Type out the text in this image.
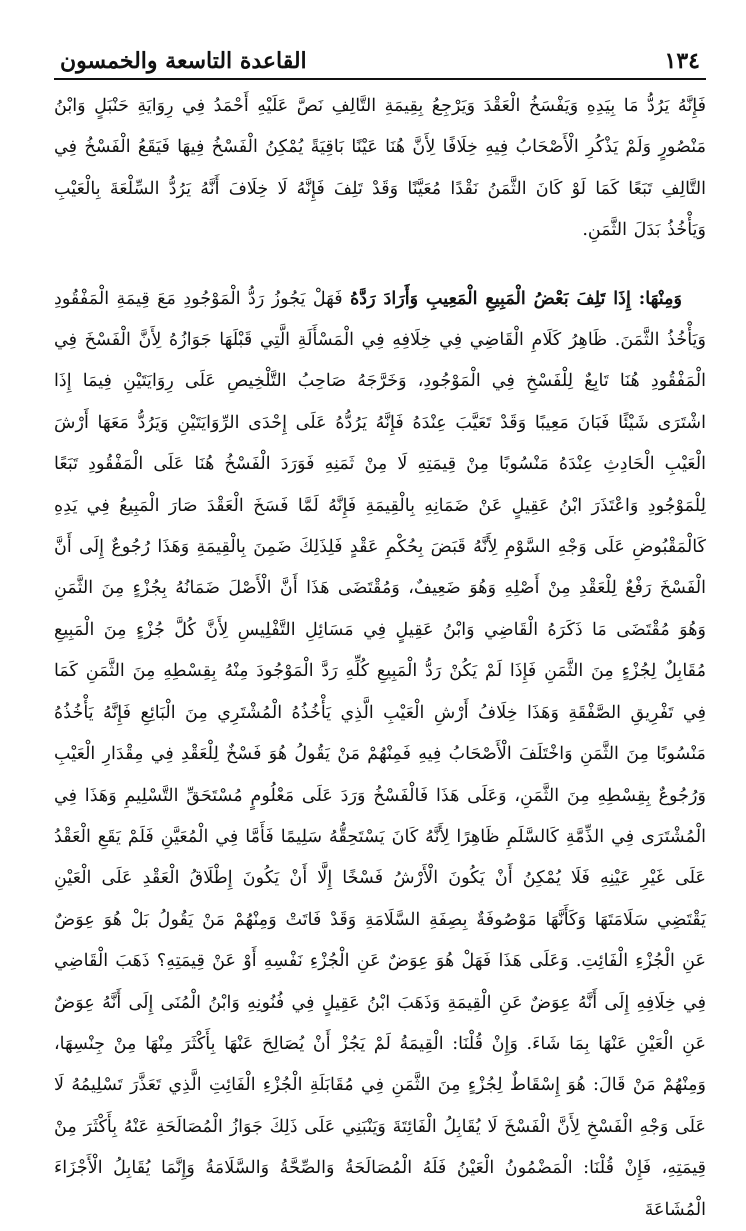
١٣٤
القاعدة التاسعة والخمسون

فَإِنَّهُ يَرُدُّ مَا بِيَدِهِ وَيَفْسَخُ الْعَقْدَ وَيَرْجِعُ بِقِيمَةِ التَّالِفِ نَصَّ عَلَيْهِ أَحْمَدُ فِي رِوَايَةِ حَنْبَلٍ وَابْنُ مَنْصُورٍ وَلَمْ يَذْكُرِ الْأَصْحَابُ فِيهِ خِلَافًا لِأَنَّ هُنَا عَيْنًا بَاقِيَةً يُمْكِنُ الْفَسْخُ فِيهَا فَيَقَعُ الْفَسْخُ فِي التَّالِفِ تَبَعًا كَمَا لَوْ كَانَ الثَّمَنُ نَقْدًا مُعَيَّنًا وَقَدْ تَلِفَ فَإِنَّهُ لَا خِلَافَ أَنَّهُ يَرُدُّ السِّلْعَةَ بِالْعَيْبِ وَيَأْخُذُ بَدَلَ الثَّمَنِ.

وَمِنْهَا: إِذَا تَلِفَ بَعْضُ الْمَبِيعِ الْمَعِيبِ وَأَرَادَ رَدَّهُ فَهَلْ يَجُوزُ رَدُّ الْمَوْجُودِ مَعَ قِيمَةِ الْمَفْقُودِ وَيَأْخُذُ الثَّمَنَ. ظَاهِرُ كَلَامِ الْقَاضِي فِي خِلَافِهِ فِي الْمَسْأَلَةِ الَّتِي قَبْلَهَا جَوَازُهُ لِأَنَّ الْفَسْخَ فِي الْمَفْقُودِ هُنَا تَابِعٌ لِلْفَسْخِ فِي الْمَوْجُودِ، وَخَرَّجَهُ صَاحِبُ التَّلْخِيصِ عَلَى رِوَايَتَيْنِ فِيمَا إِذَا اشْتَرَى شَيْئًا فَبَانَ مَعِيبًا وَقَدْ تَعَيَّبَ عِنْدَهُ فَإِنَّهُ يَرُدُّهُ عَلَى إِحْدَى الرِّوَايَتَيْنِ وَيَرُدُّ مَعَهَا أَرْشَ الْعَيْبِ الْحَادِثِ عِنْدَهُ مَنْسُوبًا مِنْ قِيمَتِهِ لَا مِنْ ثَمَنِهِ فَوَرَدَ الْفَسْخُ هُنَا عَلَى الْمَفْقُودِ تَبَعًا لِلْمَوْجُودِ وَاعْتَذَرَ ابْنُ عَقِيلٍ عَنْ ضَمَانِهِ بِالْقِيمَةِ فَإِنَّهُ لَمَّا فَسَخَ الْعَقْدَ صَارَ الْمَبِيعُ فِي يَدِهِ كَالْمَقْبُوضِ عَلَى وَجْهِ السَّوْمِ لِأَنَّهُ قَبَضَ بِحُكْمِ عَقْدٍ فَلِذَلِكَ ضَمِنَ بِالْقِيمَةِ وَهَذَا رُجُوعٌ إِلَى أَنَّ الْفَسْخَ رَفْعٌ لِلْعَقْدِ مِنْ أَصْلِهِ وَهُوَ ضَعِيفٌ، وَمُقْتَضَى هَذَا أَنَّ الْأَصْلَ ضَمَانُهُ بِجُزْءٍ مِنَ الثَّمَنِ وَهُوَ مُقْتَضَى مَا ذَكَرَهُ الْقَاضِي وَابْنُ عَقِيلٍ فِي مَسَائِلِ التَّفْلِيسِ لِأَنَّ كُلَّ جُزْءٍ مِنَ الْمَبِيعِ مُقَابِلٌ لِجُزْءٍ مِنَ الثَّمَنِ فَإِذَا لَمْ يَكُنْ رَدُّ الْمَبِيعِ كُلِّهِ رَدَّ الْمَوْجُودَ مِنْهُ بِقِسْطِهِ مِنَ الثَّمَنِ كَمَا فِي تَفْرِيقِ الصَّفْقَةِ وَهَذَا خِلَافُ أَرْشِ الْعَيْبِ الَّذِي يَأْخُذُهُ الْمُشْتَرِي مِنَ الْبَائِعِ فَإِنَّهُ يَأْخُذُهُ مَنْسُوبًا مِنَ الثَّمَنِ وَاخْتَلَفَ الْأَصْحَابُ فِيهِ فَمِنْهُمْ مَنْ يَقُولُ هُوَ فَسْخٌ لِلْعَقْدِ فِي مِقْدَارِ الْعَيْبِ وَرُجُوعٌ بِقِسْطِهِ مِنَ الثَّمَنِ، وَعَلَى هَذَا فَالْفَسْخُ وَرَدَ عَلَى مَعْلُومٍ مُسْتَحَقِّ التَّسْلِيمِ وَهَذَا فِي الْمُشْتَرَى فِي الذِّمَّةِ كَالسَّلَمِ ظَاهِرًا لِأَنَّهُ كَانَ يَسْتَحِقُّهُ سَلِيمًا فَأَمَّا فِي الْمُعَيَّنِ فَلَمْ يَقَعِ الْعَقْدُ عَلَى غَيْرِ عَيْنِهِ فَلَا يُمْكِنُ أَنْ يَكُونَ الْأَرْشُ فَسْخًا إِلَّا أَنْ يَكُونَ إِطْلَاقُ الْعَقْدِ عَلَى الْعَيْنِ يَقْتَضِي سَلَامَتَهَا وَكَأَنَّهَا مَوْصُوفَةٌ بِصِفَةِ السَّلَامَةِ وَقَدْ فَاتَتْ وَمِنْهُمْ مَنْ يَقُولُ بَلْ هُوَ عِوَضٌ عَنِ الْجُزْءِ الْفَائِتِ. وَعَلَى هَذَا فَهَلْ هُوَ عِوَضٌ عَنِ الْجُزْءِ نَفْسِهِ أَوْ عَنْ قِيمَتِهِ؟ ذَهَبَ الْقَاضِي فِي خِلَافِهِ إِلَى أَنَّهُ عِوَضٌ عَنِ الْقِيمَةِ وَذَهَبَ ابْنُ عَقِيلٍ فِي فُنُونِهِ وَابْنُ الْمُنَى إِلَى أَنَّهُ عِوَضٌ عَنِ الْعَيْنِ عَنْهَا بِمَا شَاءَ. وَإِنْ قُلْنَا: الْقِيمَةُ لَمْ يَجُزْ أَنْ يُصَالِحَ عَنْهَا بِأَكْثَرَ مِنْهَا مِنْ جِنْسِهَا، وَمِنْهُمْ مَنْ قَالَ: هُوَ إِسْقَاطٌ لِجُزْءٍ مِنَ الثَّمَنِ فِي مُقَابَلَةِ الْجُزْءِ الْفَائِتِ الَّذِي تَعَذَّرَ تَسْلِيمُهُ لَا عَلَى وَجْهِ الْفَسْخِ لِأَنَّ الْفَسْخَ لَا يُقَابِلُ الْفَائِتَةَ وَيَنْبَنِي عَلَى ذَلِكَ جَوَازُ الْمُصَالَحَةِ عَنْهُ بِأَكْثَرَ مِنْ قِيمَتِهِ، فَإِنْ قُلْنَا: الْمَضْمُونُ الْعَيْنُ فَلَهُ الْمُصَالَحَةُ وَالصِّحَّةُ وَالسَّلَامَةُ وَإِنَّمَا يُقَابِلُ الْأَجْزَاءَ الْمُشَاعَةَ
